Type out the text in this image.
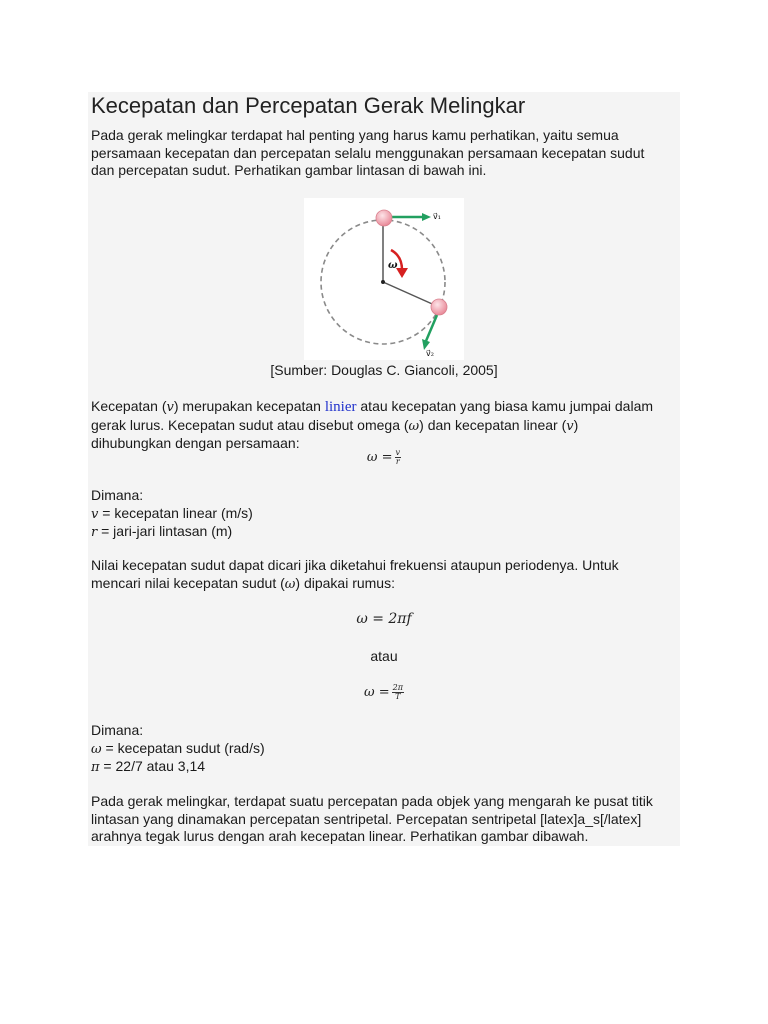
Kecepatan dan Percepatan Gerak Melingkar
Pada gerak melingkar terdapat hal penting yang harus kamu perhatikan, yaitu semua
persamaan kecepatan dan percepatan selalu menggunakan persamaan kecepatan sudut
dan percepatan sudut. Perhatikan gambar lintasan di bawah ini.
ω
v⃗₁
v⃗₂
[Sumber: Douglas C. Giancoli, 2005]
Kecepatan (v) merupakan kecepatan linier atau kecepatan yang biasa kamu jumpai dalam
gerak lurus. Kecepatan sudut atau disebut omega (ω) dan kecepatan linear (v)
dihubungkan dengan persamaan:
$\omega = \frac{v}{r}$
Dimana:
v = kecepatan linear (m/s)
r = jari-jari lintasan (m)
Nilai kecepatan sudut dapat dicari jika diketahui frekuensi ataupun periodenya. Untuk
mencari nilai kecepatan sudut (ω) dipakai rumus:
ω = 2πf
atau
$\omega = \frac{2\pi}{T}$
Dimana:
ω = kecepatan sudut (rad/s)
π = 22/7 atau 3,14
Pada gerak melingkar, terdapat suatu percepatan pada objek yang mengarah ke pusat titik
lintasan yang dinamakan percepatan sentripetal. Percepatan sentripetal [latex]a_s[/latex]
arahnya tegak lurus dengan arah kecepatan linear. Perhatikan gambar dibawah.
